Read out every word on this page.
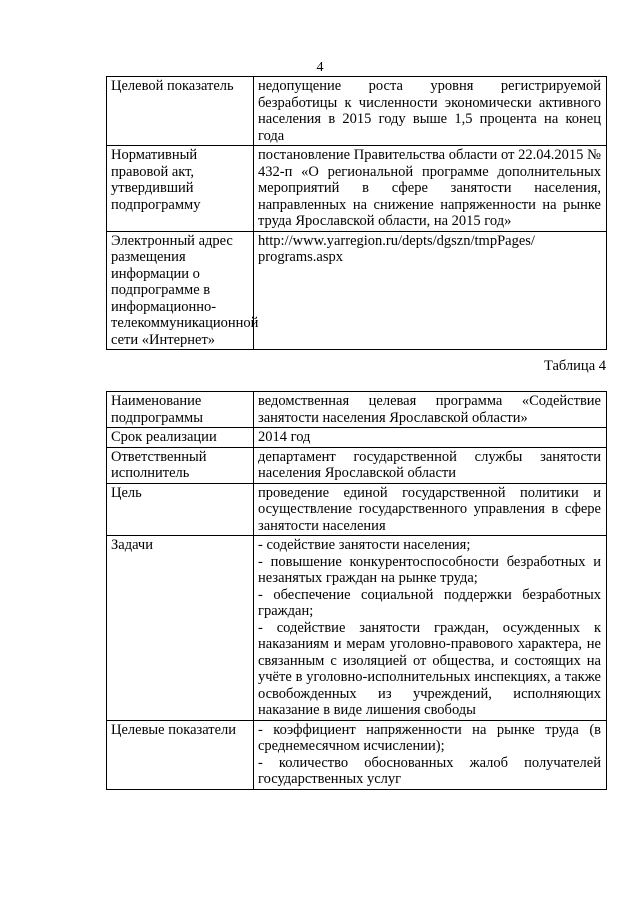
4
Целевой показатель	недопущение роста уровня регистрируемой безработицы к численности экономически активного населения в 2015 году выше 1,5 процента на конец года
Нормативный правовой акт, утвердивший подпрограмму	постановление Правительства области от 22.04.2015 № 432-п «О региональной программе дополнительных мероприятий в сфере занятости населения, направленных на снижение напряженности на рынке труда Ярославской области, на 2015 год»
Электронный адрес размещения информации о подпрограмме в информационно-телекоммуникационной сети «Интернет»	http://www.yarregion.ru/depts/dgszn/tmpPages/
programs.aspx
Таблица 4
Наименование подпрограммы	ведомственная целевая программа «Содействие занятости населения Ярославской области»
Срок реализации	2014 год
Ответственный исполнитель	департамент государственной службы занятости населения Ярославской области
Цель	проведение единой государственной политики и осуществление государственного управления в сфере занятости населения
Задачи	- содействие занятости населения;
- повышение конкурентоспособности безработных и незанятых граждан на рынке труда;
- обеспечение социальной поддержки безработных граждан;
- содействие занятости граждан, осужденных к наказаниям и мерам уголовно-правового характера, не связанным с изоляцией от общества, и состоящих на учёте в уголовно-исполнительных инспекциях, а также освобожденных из учреждений, исполняющих наказание в виде лишения свободы

Целевые показатели	- коэффициент напряженности на рынке труда (в среднемесячном исчислении);
- количество обоснованных жалоб получателей государственных услуг
